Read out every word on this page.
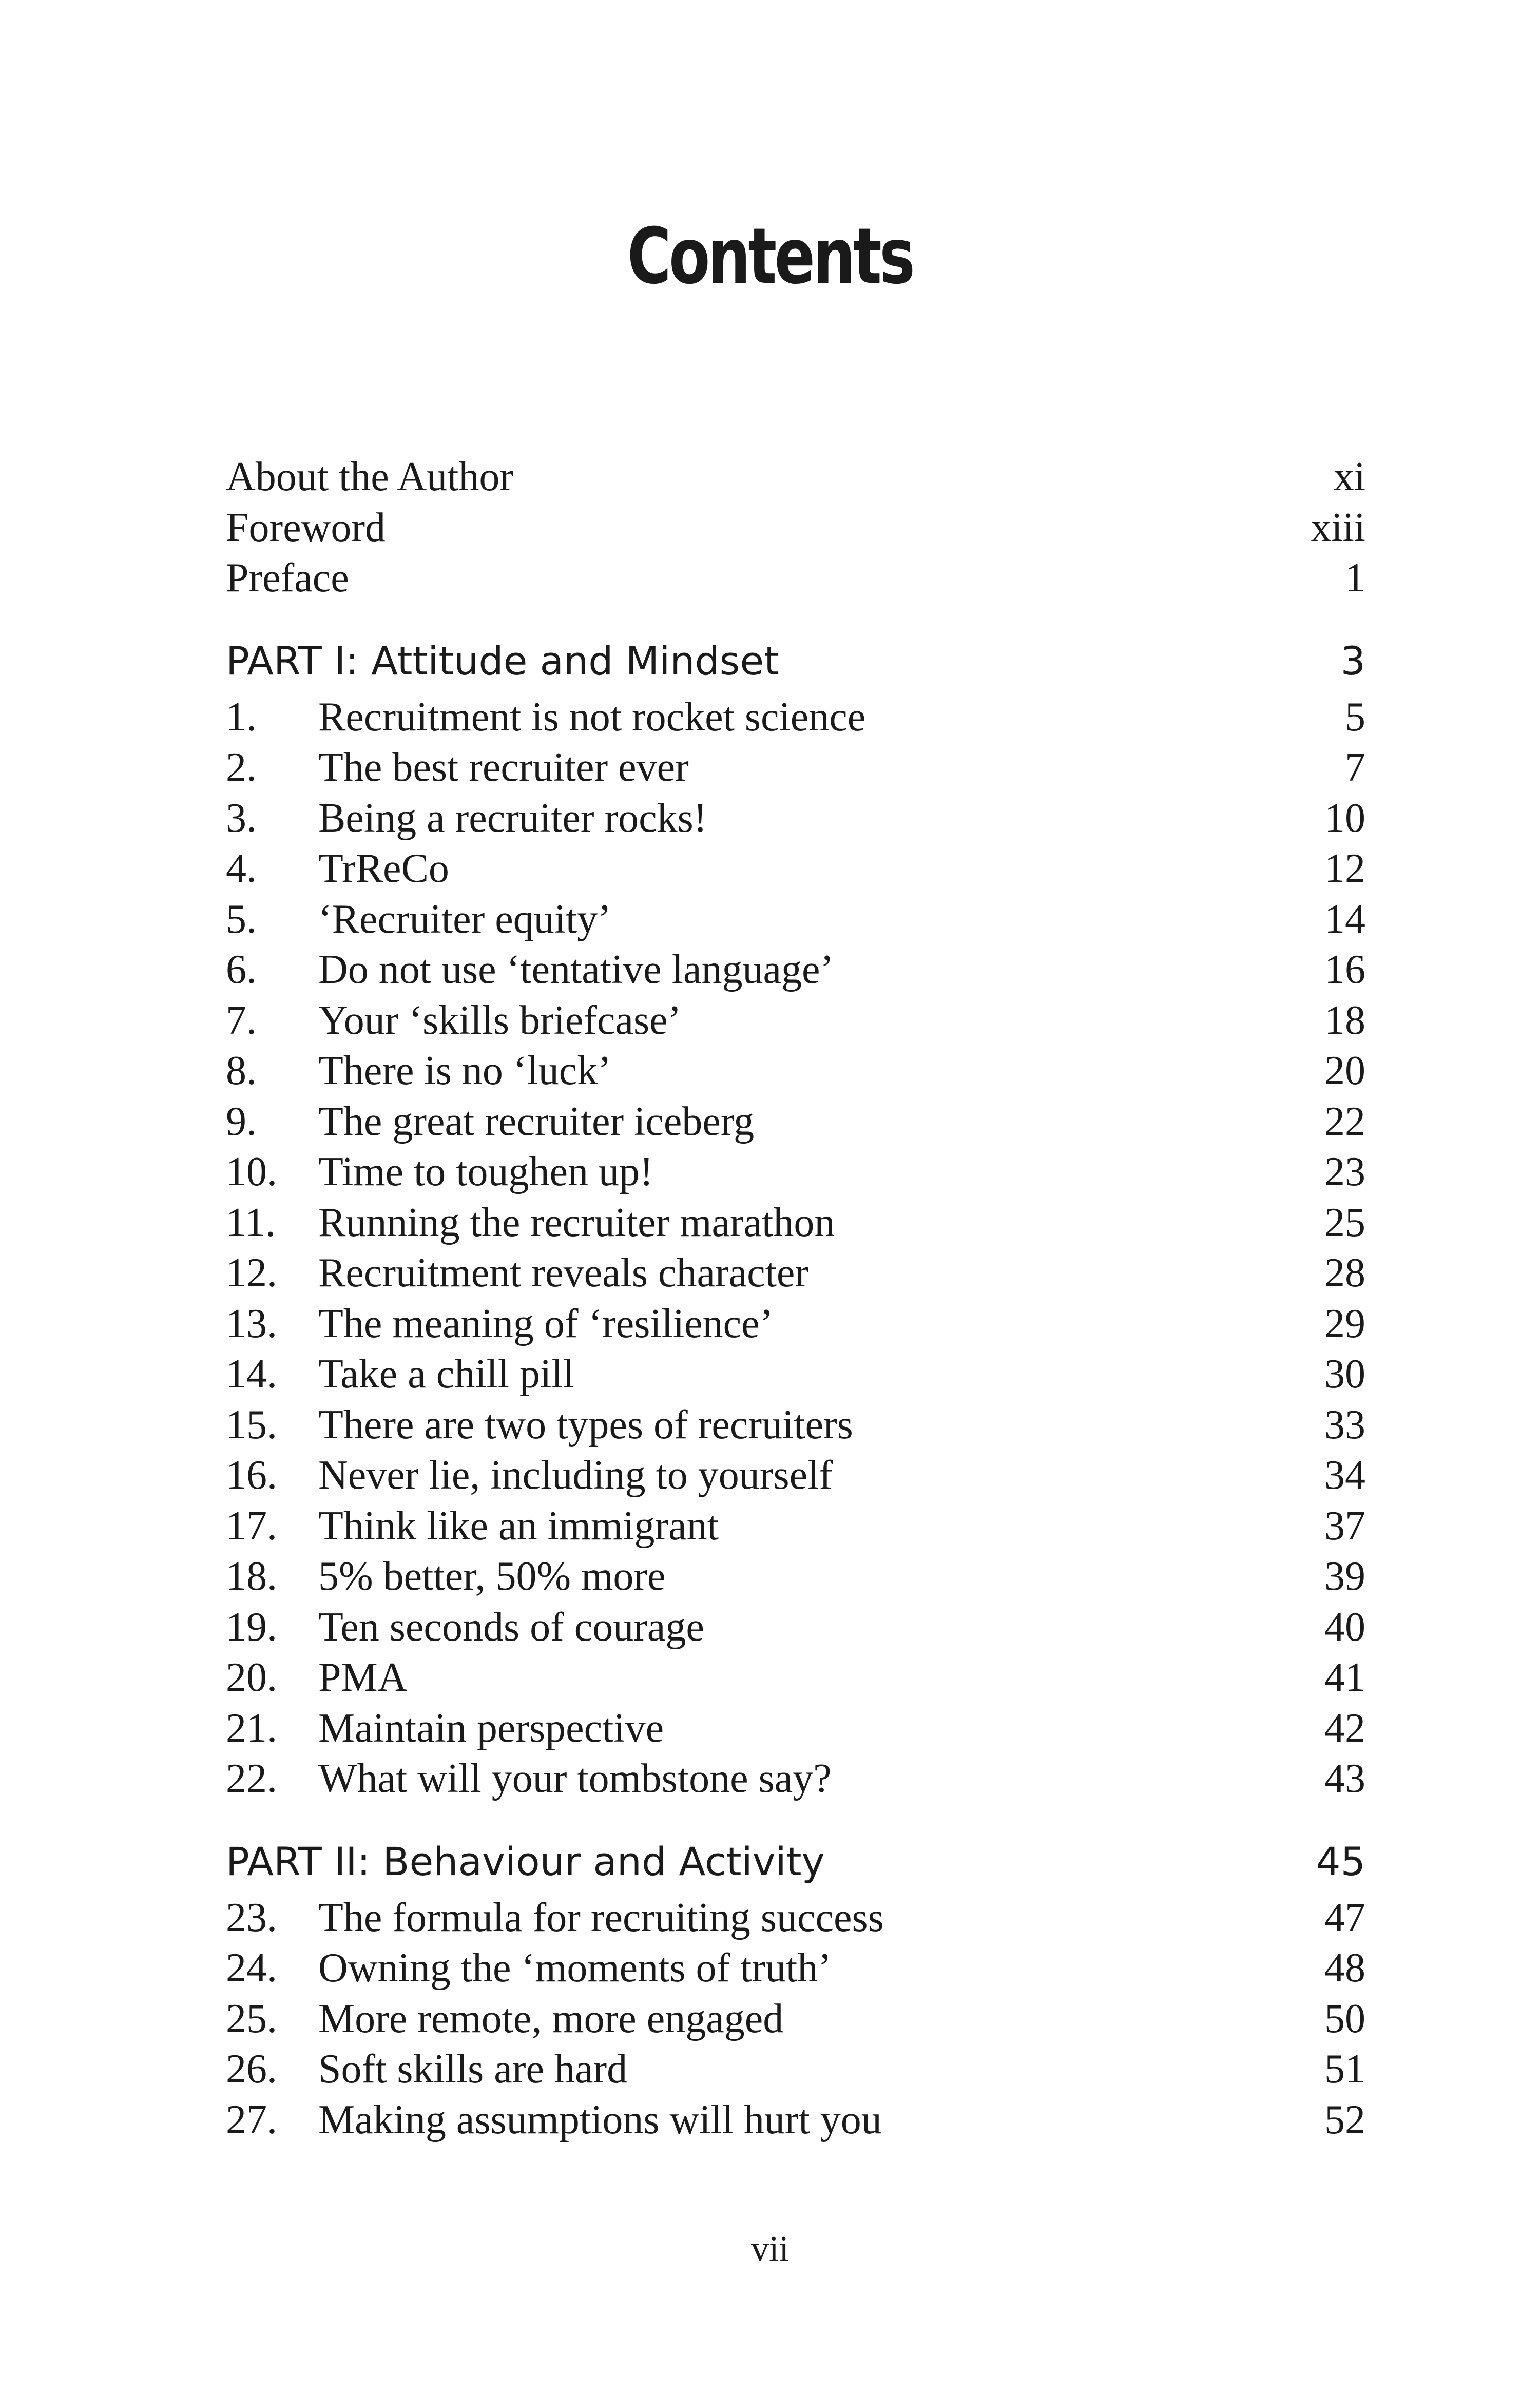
Contents
About the Author	xi
Foreword	xiii
Preface	1
PART I: Attitude and Mindset	3
1. Recruitment is not rocket science	5
2. The best recruiter ever	7
3. Being a recruiter rocks!	10
4. TrReCo	12
5. ‘Recruiter equity’	14
6. Do not use ‘tentative language’	16
7. Your ‘skills briefcase’	18
8. There is no ‘luck’	20
9. The great recruiter iceberg	22
10. Time to toughen up!	23
11. Running the recruiter marathon	25
12. Recruitment reveals character	28
13. The meaning of ‘resilience’	29
14. Take a chill pill	30
15. There are two types of recruiters	33
16. Never lie, including to yourself	34
17. Think like an immigrant	37
18. 5% better, 50% more	39
19. Ten seconds of courage	40
20. PMA	41
21. Maintain perspective	42
22. What will your tombstone say?	43
PART II: Behaviour and Activity	45
23. The formula for recruiting success	47
24. Owning the ‘moments of truth’	48
25. More remote, more engaged	50
26. Soft skills are hard	51
27. Making assumptions will hurt you	52
vii
